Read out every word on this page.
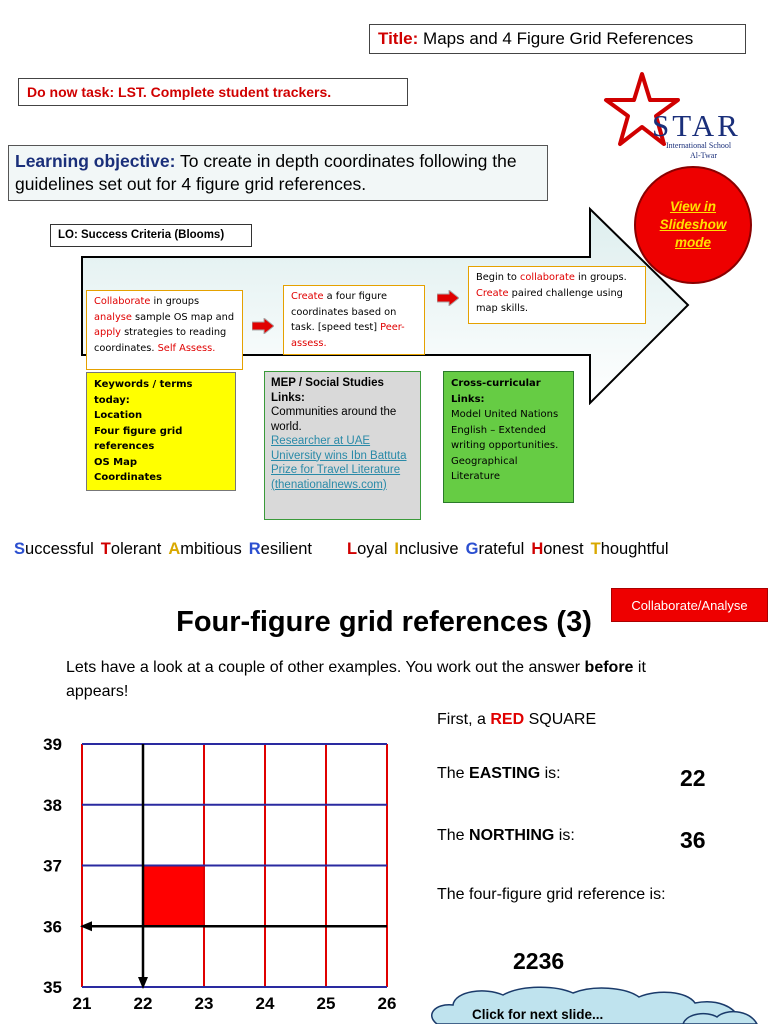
Title: Maps and 4 Figure Grid References
Do now task: LST. Complete student trackers.
STAR
International School
Al-Twar
Learning objective: To create in depth coordinates following the guidelines set out for 4 figure grid references.
View in
Slideshow
mode
LO: Success Criteria (Blooms)
Collaborate in groups analyse sample OS map and apply strategies to reading coordinates. Self Assess.
Create a four figure coordinates based on task. [speed test] Peer-assess.
Begin to collaborate in groups. Create paired challenge using map skills.
Keywords / terms today:
Location
Four figure grid references
OS Map
Coordinates
MEP / Social Studies Links:
Communities around the world.
Researcher at UAE University wins Ibn Battuta Prize for Travel Literature (thenationalnews.com)
Cross-curricular Links:
Model United Nations
English – Extended writing opportunities.
Geographical Literature
Successful Tolerant Ambitious Resilient Loyal Inclusive Grateful Honest Thoughtful
Collaborate/Analyse
Four-figure grid references (3)
Lets have a look at a couple of other examples. You work out the answer before it appears!
21 22 23 24 25 26
35
36
37
38
39
First, a RED SQUARE
The EASTING is:	22
The NORTHING is:	36
The four-figure grid reference is:
2236
Click for next slide...
